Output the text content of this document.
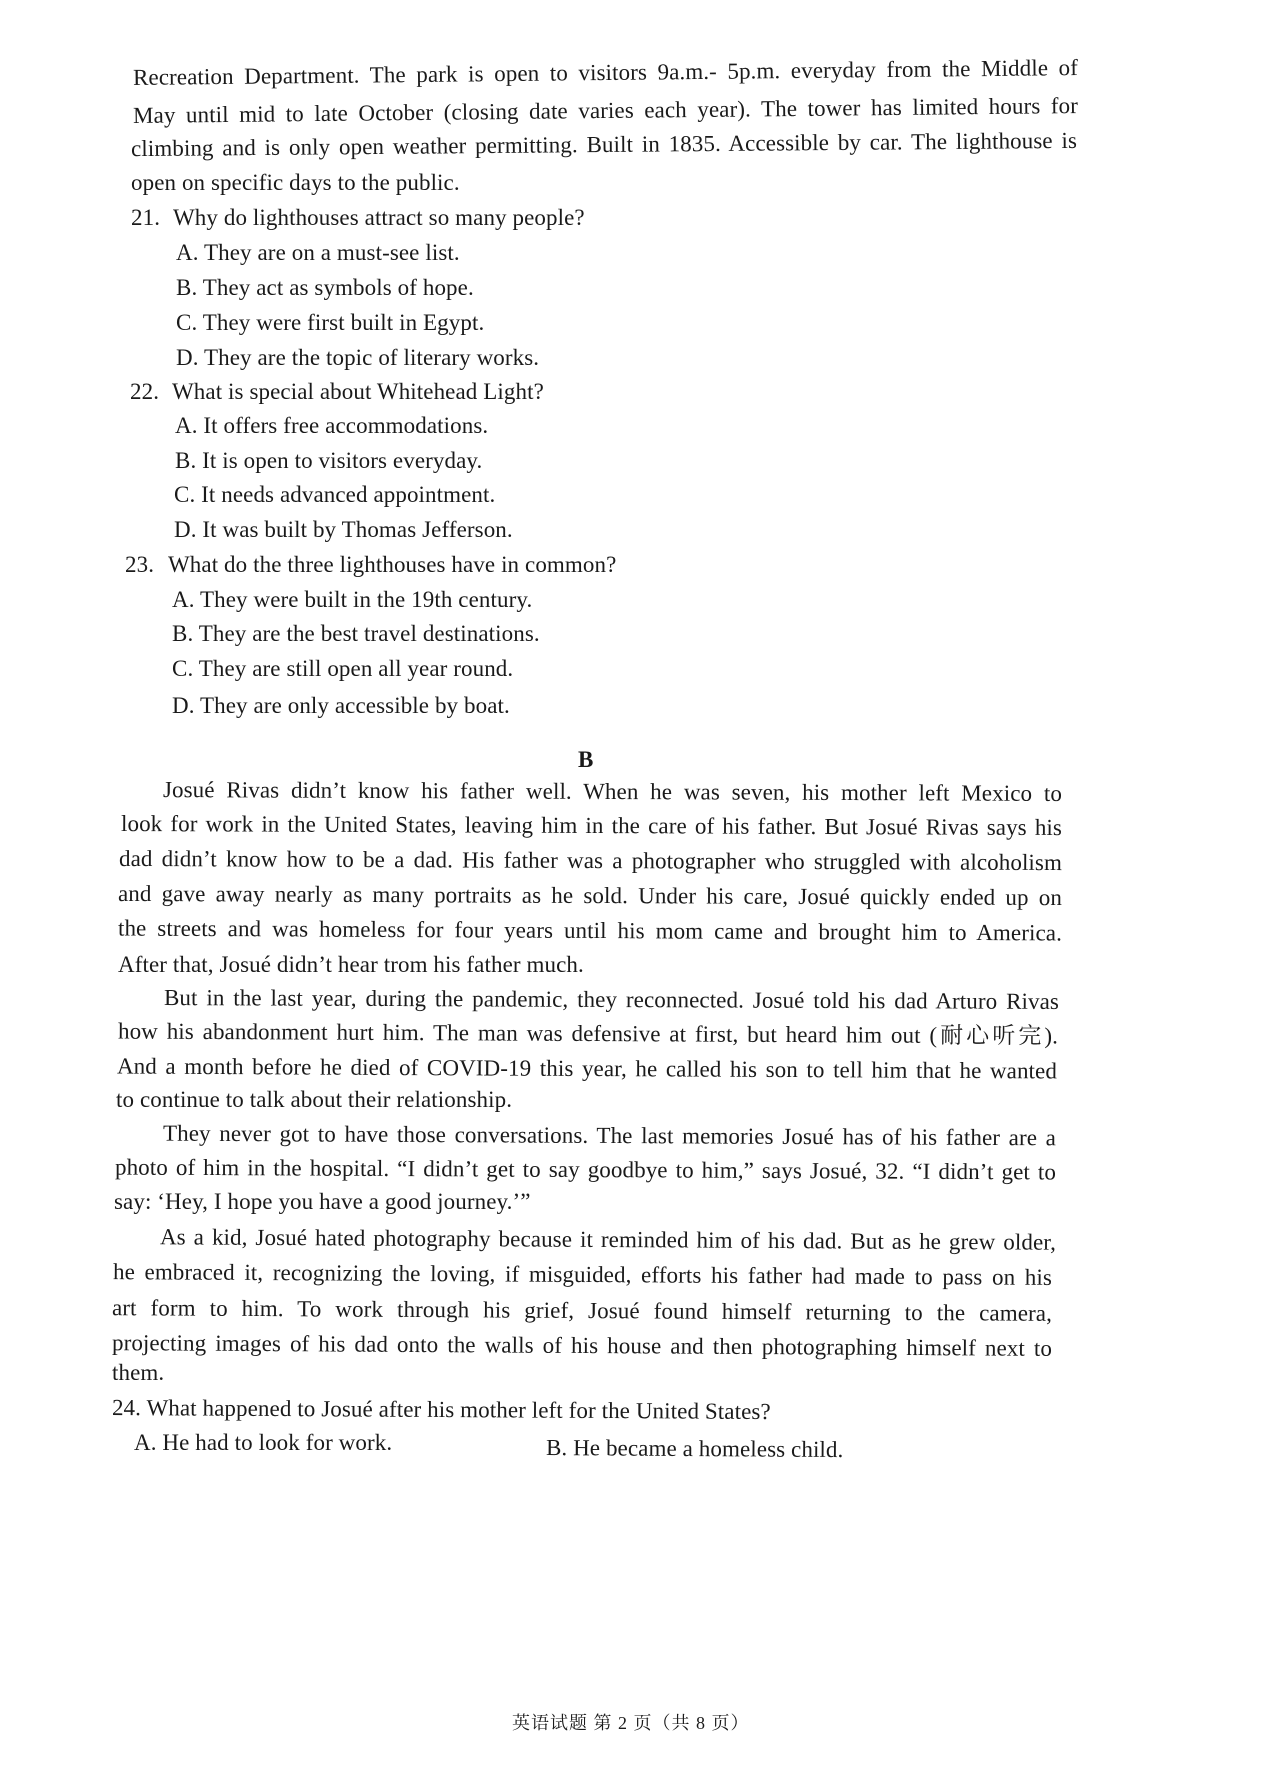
Recreation Department. The park is open to visitors 9a.m.- 5p.m. everyday from the Middle of
May until mid to late October (closing date varies each year). The tower has limited hours for
climbing and is only open weather permitting. Built in 1835. Accessible by car. The lighthouse is
open on specific days to the public.
21. Why do lighthouses attract so many people?
A. They are on a must-see list.
B. They act as symbols of hope.
C. They were first built in Egypt.
D. They are the topic of literary works.
22. What is special about Whitehead Light?
A. It offers free accommodations.
B. It is open to visitors everyday.
C. It needs advanced appointment.
D. It was built by Thomas Jefferson.
23. What do the three lighthouses have in common?
A. They were built in the 19th century.
B. They are the best travel destinations.
C. They are still open all year round.
D. They are only accessible by boat.
B
Josué Rivas didn’t know his father well. When he was seven, his mother left Mexico to
look for work in the United States, leaving him in the care of his father. But Josué Rivas says his
dad didn’t know how to be a dad. His father was a photographer who struggled with alcoholism
and gave away nearly as many portraits as he sold. Under his care, Josué quickly ended up on
the streets and was homeless for four years until his mom came and brought him to America.
After that, Josué didn’t hear trom his father much.
But in the last year, during the pandemic, they reconnected. Josué told his dad Arturo Rivas
how his abandonment hurt him. The man was defensive at first, but heard him out (耐心听完).
And a month before he died of COVID-19 this year, he called his son to tell him that he wanted
to continue to talk about their relationship.
They never got to have those conversations. The last memories Josué has of his father are a
photo of him in the hospital. “I didn’t get to say goodbye to him,” says Josué, 32. “I didn’t get to
say: ‘Hey, I hope you have a good journey.’”
As a kid, Josué hated photography because it reminded him of his dad. But as he grew older,
he embraced it, recognizing the loving, if misguided, efforts his father had made to pass on his
art form to him. To work through his grief, Josué found himself returning to the camera,
projecting images of his dad onto the walls of his house and then photographing himself next to
them.
24. What happened to Josué after his mother left for the United States?
A. He had to look for work.	B. He became a homeless child.
英语试题 第 2 页（共 8 页）
